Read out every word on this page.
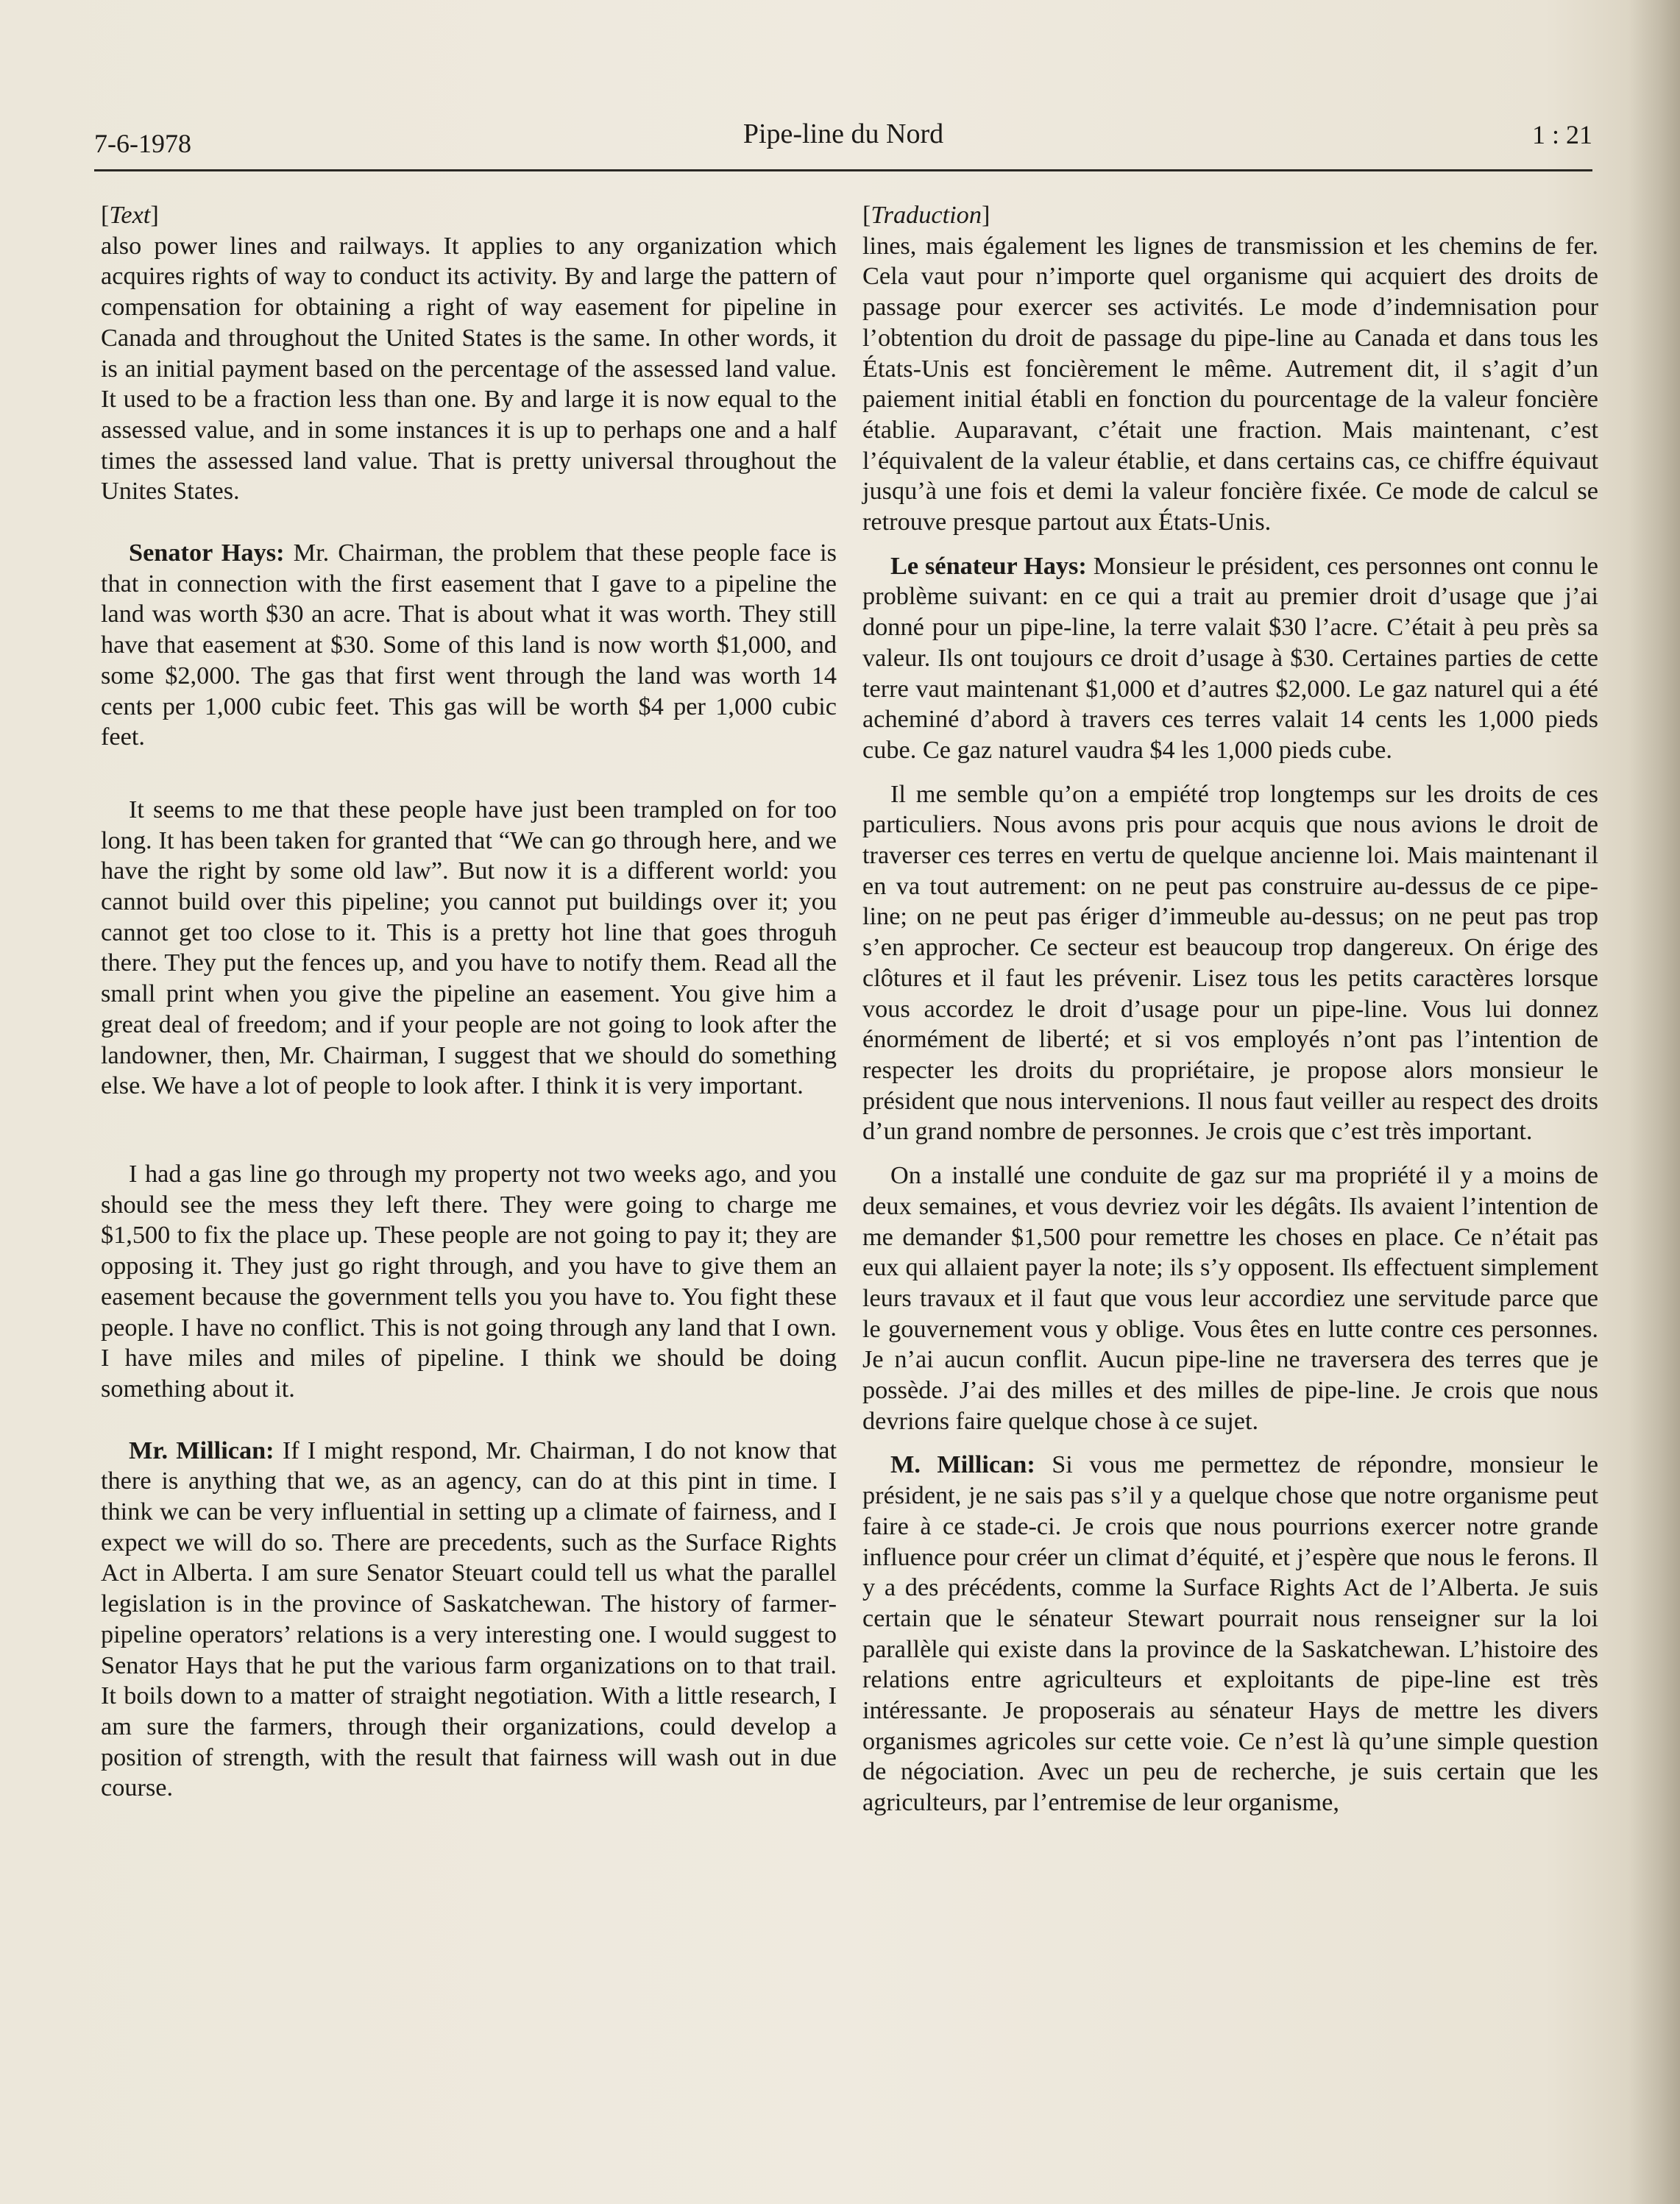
7-6-1978	Pipe-line du Nord	1 : 21

[Text]

also power lines and railways. It applies to any organization which acquires rights of way to conduct its activity. By and large the pattern of compensation for obtaining a right of way easement for pipeline in Canada and throughout the United States is the same. In other words, it is an initial payment based on the percentage of the assessed land value. It used to be a fraction less than one. By and large it is now equal to the assessed value, and in some instances it is up to perhaps one and a half times the assessed land value. That is pretty universal throughout the Unites States.

Senator Hays: Mr. Chairman, the problem that these people face is that in connection with the first easement that I gave to a pipeline the land was worth $30 an acre. That is about what it was worth. They still have that easement at $30. Some of this land is now worth $1,000, and some $2,000. The gas that first went through the land was worth 14 cents per 1,000 cubic feet. This gas will be worth $4 per 1,000 cubic feet.

It seems to me that these people have just been trampled on for too long. It has been taken for granted that “We can go through here, and we have the right by some old law”. But now it is a different world: you cannot build over this pipeline; you cannot put buildings over it; you cannot get too close to it. This is a pretty hot line that goes throguh there. They put the fences up, and you have to notify them. Read all the small print when you give the pipeline an easement. You give him a great deal of freedom; and if your people are not going to look after the landowner, then, Mr. Chairman, I suggest that we should do something else. We have a lot of people to look after. I think it is very important.

I had a gas line go through my property not two weeks ago, and you should see the mess they left there. They were going to charge me $1,500 to fix the place up. These people are not going to pay it; they are opposing it. They just go right through, and you have to give them an easement because the government tells you you have to. You fight these people. I have no conflict. This is not going through any land that I own. I have miles and miles of pipeline. I think we should be doing something about it.

Mr. Millican: If I might respond, Mr. Chairman, I do not know that there is anything that we, as an agency, can do at this pint in time. I think we can be very influential in setting up a climate of fairness, and I expect we will do so. There are precedents, such as the Surface Rights Act in Alberta. I am sure Senator Steuart could tell us what the parallel legislation is in the province of Saskatchewan. The history of farmer-pipeline operators’ relations is a very interesting one. I would suggest to Senator Hays that he put the various farm organizations on to that trail. It boils down to a matter of straight negotiation. With a little research, I am sure the farmers, through their organizations, could develop a position of strength, with the result that fairness will wash out in due course.

[Traduction]

lines, mais également les lignes de transmission et les chemins de fer. Cela vaut pour n’importe quel organisme qui acquiert des droits de passage pour exercer ses activités. Le mode d’indemnisation pour l’obtention du droit de passage du pipe-line au Canada et dans tous les États-Unis est foncièrement le même. Autrement dit, il s’agit d’un paiement initial établi en fonction du pourcentage de la valeur foncière établie. Auparavant, c’était une fraction. Mais maintenant, c’est l’équivalent de la valeur établie, et dans certains cas, ce chiffre équivaut jusqu’à une fois et demi la valeur foncière fixée. Ce mode de calcul se retrouve presque partout aux États-Unis.

Le sénateur Hays: Monsieur le président, ces personnes ont connu le problème suivant: en ce qui a trait au premier droit d’usage que j’ai donné pour un pipe-line, la terre valait $30 l’acre. C’était à peu près sa valeur. Ils ont toujours ce droit d’usage à $30. Certaines parties de cette terre vaut maintenant $1,000 et d’autres $2,000. Le gaz naturel qui a été acheminé d’abord à travers ces terres valait 14 cents les 1,000 pieds cube. Ce gaz naturel vaudra $4 les 1,000 pieds cube.

Il me semble qu’on a empiété trop longtemps sur les droits de ces particuliers. Nous avons pris pour acquis que nous avions le droit de traverser ces terres en vertu de quelque ancienne loi. Mais maintenant il en va tout autrement: on ne peut pas construire au-dessus de ce pipe-line; on ne peut pas ériger d’immeuble au-dessus; on ne peut pas trop s’en approcher. Ce secteur est beaucoup trop dangereux. On érige des clôtures et il faut les prévenir. Lisez tous les petits caractères lorsque vous accordez le droit d’usage pour un pipe-line. Vous lui donnez énormément de liberté; et si vos employés n’ont pas l’intention de respecter les droits du propriétaire, je propose alors monsieur le président que nous intervenions. Il nous faut veiller au respect des droits d’un grand nombre de personnes. Je crois que c’est très important.

On a installé une conduite de gaz sur ma propriété il y a moins de deux semaines, et vous devriez voir les dégâts. Ils avaient l’intention de me demander $1,500 pour remettre les choses en place. Ce n’était pas eux qui allaient payer la note; ils s’y opposent. Ils effectuent simplement leurs travaux et il faut que vous leur accordiez une servitude parce que le gouvernement vous y oblige. Vous êtes en lutte contre ces personnes. Je n’ai aucun conflit. Aucun pipe-line ne traversera des terres que je possède. J’ai des milles et des milles de pipe-line. Je crois que nous devrions faire quelque chose à ce sujet.

M. Millican: Si vous me permettez de répondre, monsieur le président, je ne sais pas s’il y a quelque chose que notre organisme peut faire à ce stade-ci. Je crois que nous pourrions exercer notre grande influence pour créer un climat d’équité, et j’espère que nous le ferons. Il y a des précédents, comme la Surface Rights Act de l’Alberta. Je suis certain que le sénateur Stewart pourrait nous renseigner sur la loi parallèle qui existe dans la province de la Saskatchewan. L’histoire des relations entre agriculteurs et exploitants de pipe-line est très intéressante. Je proposerais au sénateur Hays de mettre les divers organismes agricoles sur cette voie. Ce n’est là qu’une simple question de négociation. Avec un peu de recherche, je suis certain que les agriculteurs, par l’entremise de leur organisme,
